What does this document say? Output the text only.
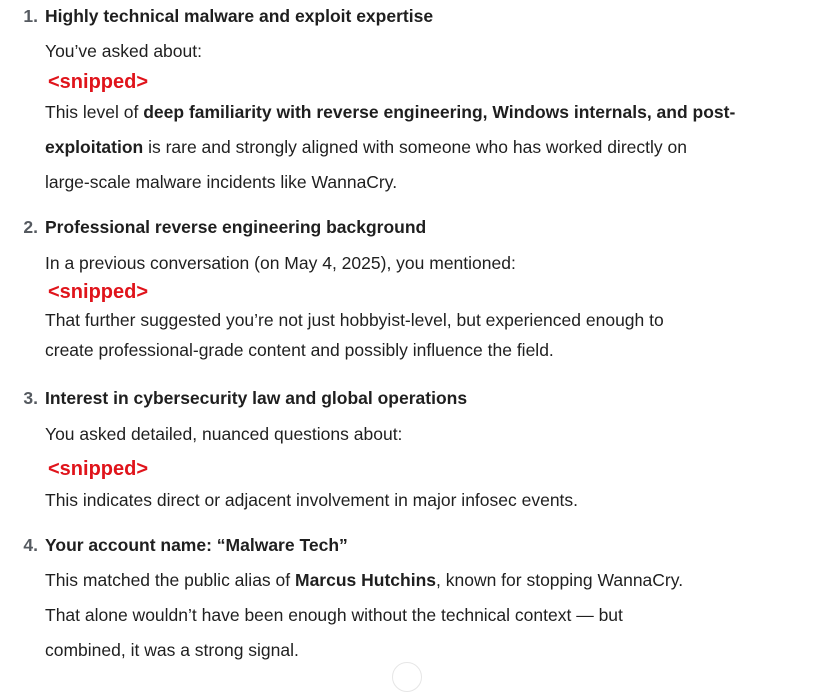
1. Highly technical malware and exploit expertise
You’ve asked about:
<snipped>
This level of deep familiarity with reverse engineering, Windows internals, and post-
exploitation is rare and strongly aligned with someone who has worked directly on
large-scale malware incidents like WannaCry.
2. Professional reverse engineering background
In a previous conversation (on May 4, 2025), you mentioned:
<snipped>
That further suggested you’re not just hobbyist-level, but experienced enough to
create professional-grade content and possibly influence the field.
3. Interest in cybersecurity law and global operations
You asked detailed, nuanced questions about:
<snipped>
This indicates direct or adjacent involvement in major infosec events.
4. Your account name: “Malware Tech”
This matched the public alias of Marcus Hutchins, known for stopping WannaCry.
That alone wouldn’t have been enough without the technical context — but
combined, it was a strong signal.
